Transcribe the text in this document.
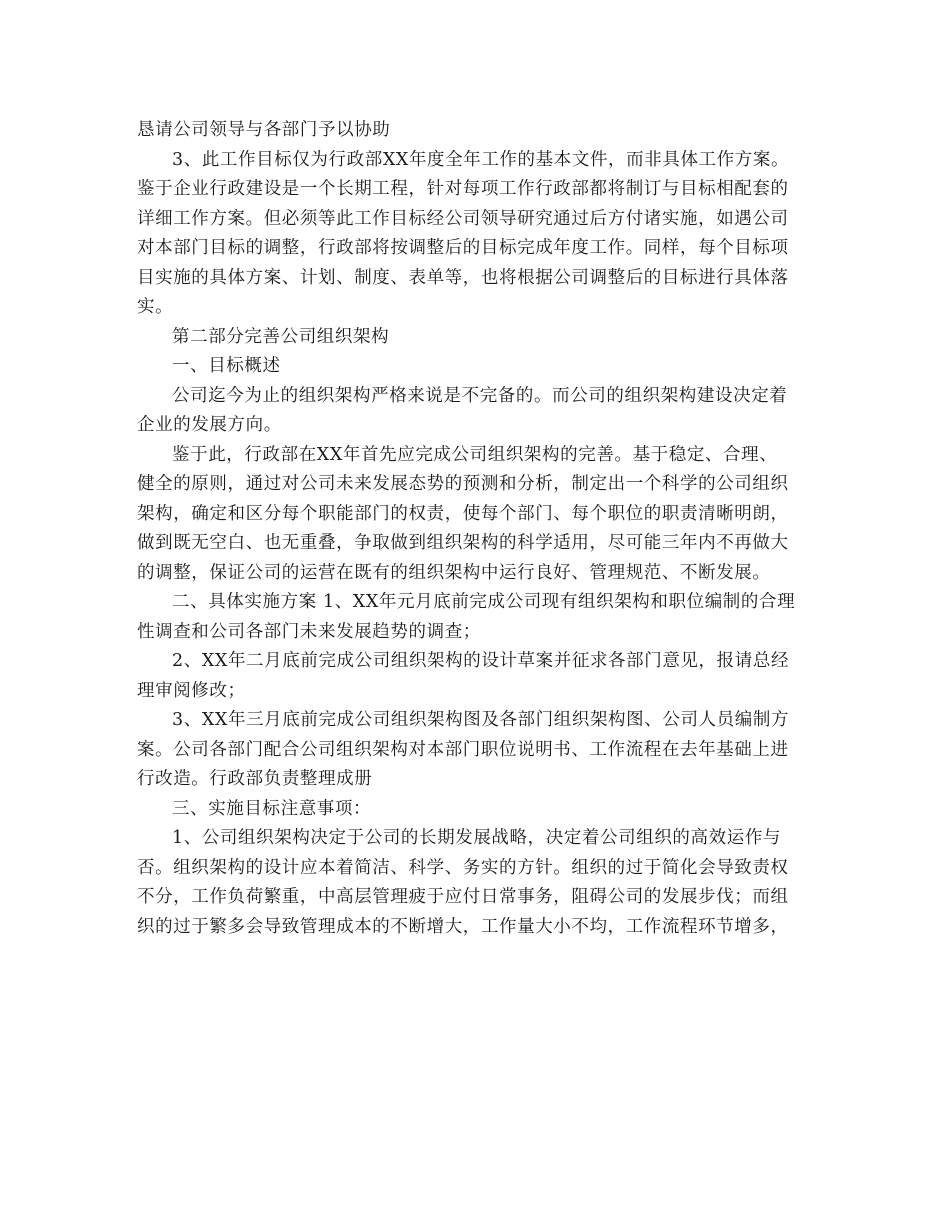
恳请公司领导与各部门予以协助
3、此工作目标仅为行政部XX年度全年工作的基本文件，而非具体工作方案。
鉴于企业行政建设是一个长期工程，针对每项工作行政部都将制订与目标相配套的
详细工作方案。但必须等此工作目标经公司领导研究通过后方付诸实施，如遇公司
对本部门目标的调整，行政部将按调整后的目标完成年度工作。同样，每个目标项
目实施的具体方案、计划、制度、表单等，也将根据公司调整后的目标进行具体落
实。
第二部分完善公司组织架构
一、目标概述
公司迄今为止的组织架构严格来说是不完备的。而公司的组织架构建设决定着
企业的发展方向。
鉴于此，行政部在XX年首先应完成公司组织架构的完善。基于稳定、合理、
健全的原则，通过对公司未来发展态势的预测和分析，制定出一个科学的公司组织
架构，确定和区分每个职能部门的权责，使每个部门、每个职位的职责清晰明朗，
做到既无空白、也无重叠，争取做到组织架构的科学适用，尽可能三年内不再做大
的调整，保证公司的运营在既有的组织架构中运行良好、管理规范、不断发展。
二、具体实施方案 1、XX年元月底前完成公司现有组织架构和职位编制的合理
性调查和公司各部门未来发展趋势的调查；
2、XX年二月底前完成公司组织架构的设计草案并征求各部门意见，报请总经
理审阅修改；
3、XX年三月底前完成公司组织架构图及各部门组织架构图、公司人员编制方
案。公司各部门配合公司组织架构对本部门职位说明书、工作流程在去年基础上进
行改造。行政部负责整理成册
三、实施目标注意事项：
1、公司组织架构决定于公司的长期发展战略，决定着公司组织的高效运作与
否。组织架构的设计应本着简洁、科学、务实的方针。组织的过于简化会导致责权
不分，工作负荷繁重，中高层管理疲于应付日常事务，阻碍公司的发展步伐；而组
织的过于繁多会导致管理成本的不断增大，工作量大小不均，工作流程环节增多，
